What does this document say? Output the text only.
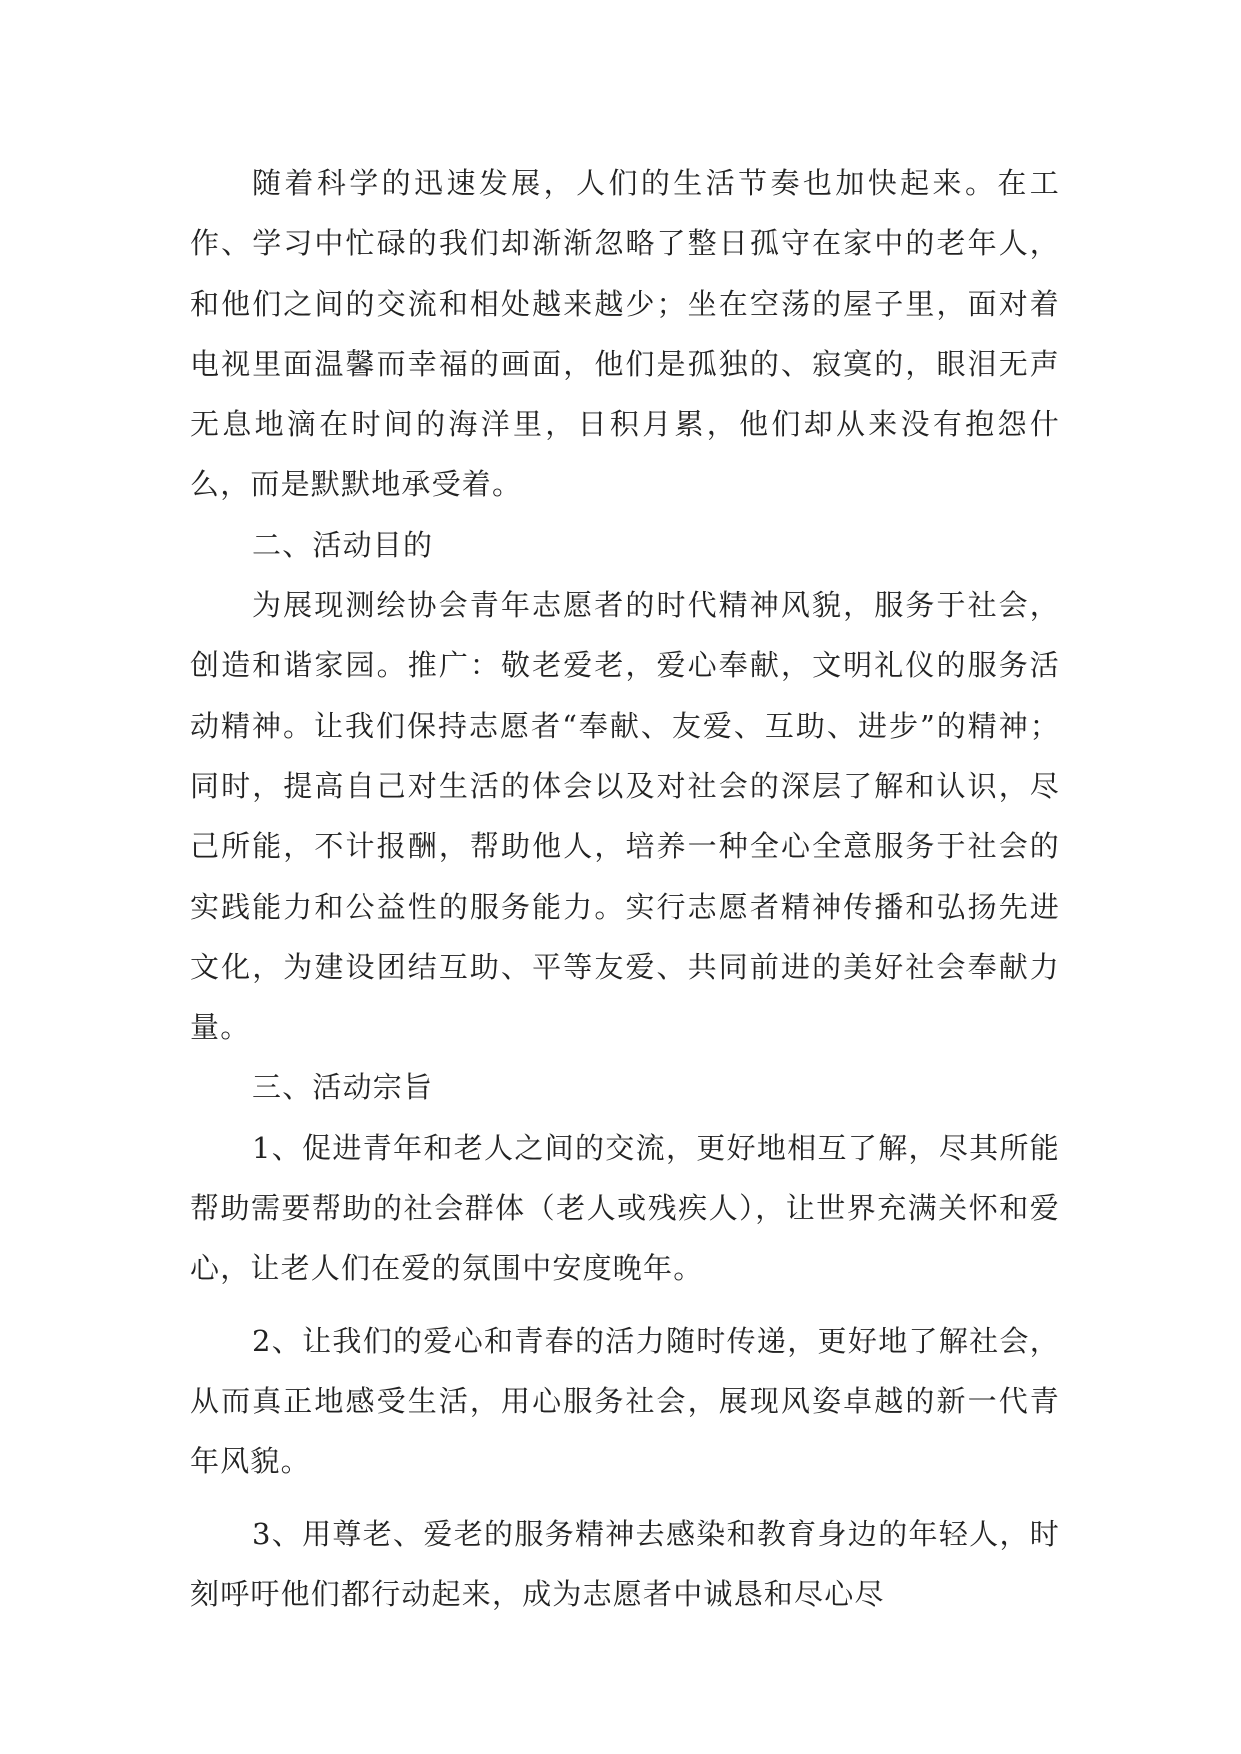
随着科学的迅速发展，人们的生活节奏也加快起来。在工作、学习中忙碌的我们却渐渐忽略了整日孤守在家中的老年人，和他们之间的交流和相处越来越少；坐在空荡的屋子里，面对着电视里面温馨而幸福的画面，他们是孤独的、寂寞的，眼泪无声无息地滴在时间的海洋里，日积月累，他们却从来没有抱怨什么，而是默默地承受着。

二、活动目的

为展现测绘协会青年志愿者的时代精神风貌，服务于社会，创造和谐家园。推广：敬老爱老，爱心奉献，文明礼仪的服务活动精神。让我们保持志愿者“奉献、友爱、互助、进步”的精神；同时，提高自己对生活的体会以及对社会的深层了解和认识，尽己所能，不计报酬，帮助他人，培养一种全心全意服务于社会的实践能力和公益性的服务能力。实行志愿者精神传播和弘扬先进文化，为建设团结互助、平等友爱、共同前进的美好社会奉献力量。

三、活动宗旨

1、促进青年和老人之间的交流，更好地相互了解，尽其所能帮助需要帮助的社会群体（老人或残疾人），让世界充满关怀和爱心，让老人们在爱的氛围中安度晚年。

2、让我们的爱心和青春的活力随时传递，更好地了解社会，从而真正地感受生活，用心服务社会，展现风姿卓越的新一代青年风貌。

3、用尊老、爱老的服务精神去感染和教育身边的年轻人，时刻呼吁他们都行动起来，成为志愿者中诚恳和尽心尽
